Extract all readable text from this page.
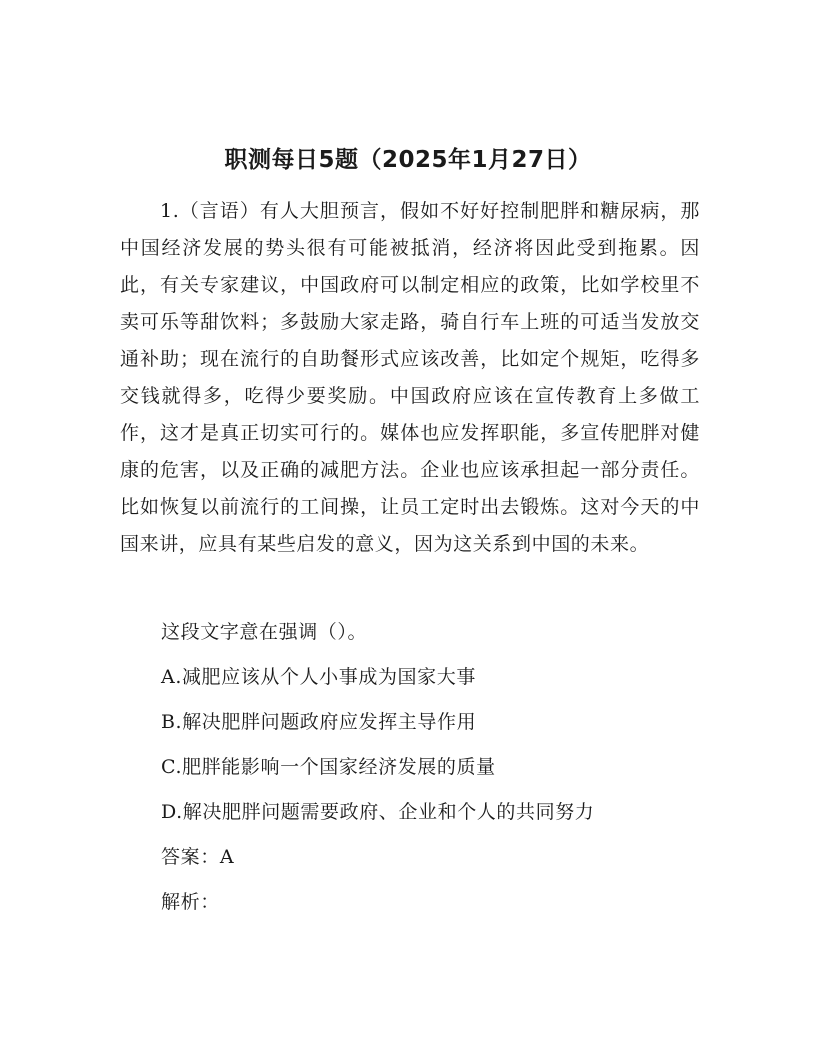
职测每日5题（2025年1月27日）

1.（言语）有人大胆预言，假如不好好控制肥胖和糖尿病，那中国经济发展的势头很有可能被抵消，经济将因此受到拖累。因此，有关专家建议，中国政府可以制定相应的政策，比如学校里不卖可乐等甜饮料；多鼓励大家走路，骑自行车上班的可适当发放交通补助；现在流行的自助餐形式应该改善，比如定个规矩，吃得多交钱就得多，吃得少要奖励。中国政府应该在宣传教育上多做工作，这才是真正切实可行的。媒体也应发挥职能，多宣传肥胖对健康的危害，以及正确的减肥方法。企业也应该承担起一部分责任。比如恢复以前流行的工间操，让员工定时出去锻炼。这对今天的中国来讲，应具有某些启发的意义，因为这关系到中国的未来。

这段文字意在强调（）。

A.减肥应该从个人小事成为国家大事

B.解决肥胖问题政府应发挥主导作用

C.肥胖能影响一个国家经济发展的质量

D.解决肥胖问题需要政府、企业和个人的共同努力

答案：A

解析：
